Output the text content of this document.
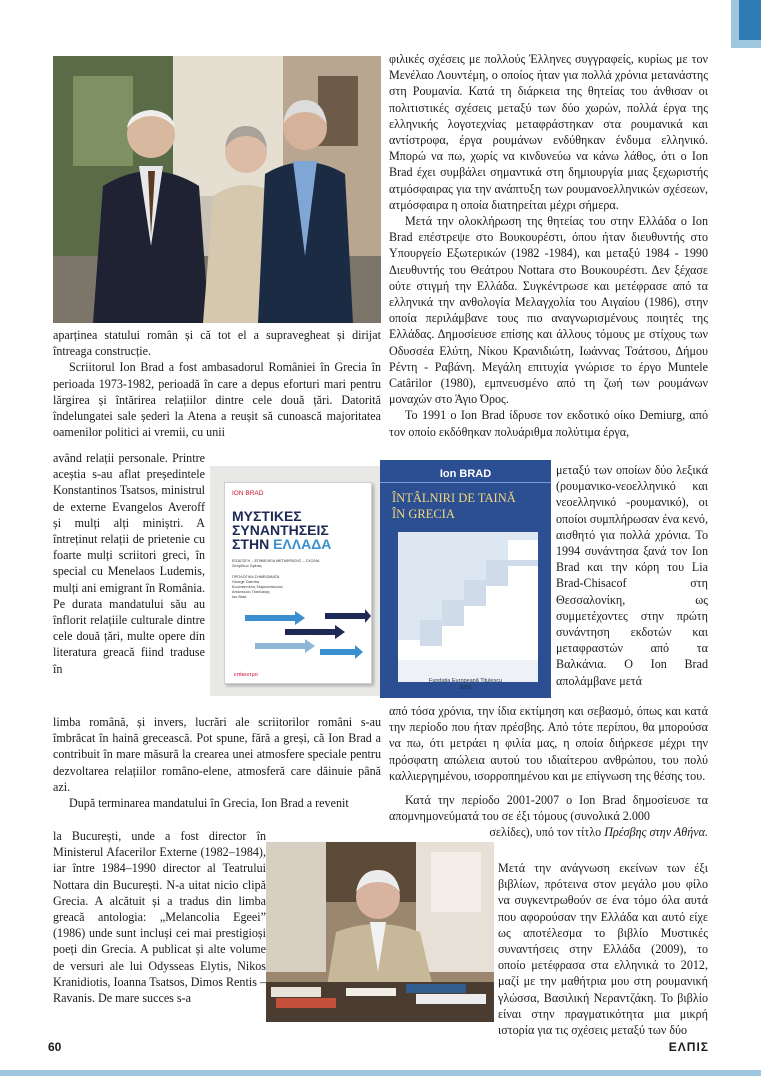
aparținea statului român și că tot el a supravegheat și dirijat întreaga construcție.

Scriitorul Ion Brad a fost ambasadorul României în Grecia în perioada 1973-1982, perioadă în care a depus eforturi mari pentru lărgirea și întărirea relațiilor dintre cele două țări. Datorită îndelungatei sale șederi la Atena a reușit să cunoască majoritatea oamenilor politici ai vremii, cu unii

având relații personale. Printre aceștia s-au aflat președintele Konstantinos Tsatsos, ministrul de externe Evangelos Averoff și mulți alți miniștri. A întreținut relații de prietenie cu foarte mulți scriitori greci, în special cu Menelaos Ludemis, mulți ani emigrant în România. Pe durata mandatului său au înflorit relațiile culturale dintre cele două țări, multe opere din literatura greacă fiind traduse în

limba română, și invers, lucrări ale scriitorilor români s-au îmbrăcat în haină grecească. Pot spune, fără a greși, că Ion Brad a contribuit în mare măsură la crearea unei atmosfere speciale pentru dezvoltarea relațiilor româno-elene, atmosferă care dăinuie până azi.

După terminarea mandatului în Grecia, Ion Brad a revenit

la București, unde a fost director în Ministerul Afacerilor Externe (1982–1984), iar între 1984–1990 director al Teatrului Nottara din București. N-a uitat nicio clipă Grecia. A alcătuit și a tradus din limba greacă antologia: „Melancolia Egeei” (1986) unde sunt incluși cei mai prestigioși poeți din Grecia. A publicat și alte volume de versuri ale lui Odysseas Elytis, Nikos Kranidiotis, Ioanna Tsatsos, Dimos Rentis – Ravanis. De mare succes s-a

ION BRAD
ΜΥΣΤΙΚΕΣ
ΣΥΝΑΝΤΗΣΕΙΣ
ΣΤΗΝ ΕΛΛΑΔΑ
ΕΙΣΑΓΩΓΗ – ΕΠΙΜΕΛΕΙΑ ΜΕΤΑΦΡΑΣΗΣ – ΣΧΟΛΙΑ
Σπυρίδων Σφέτας
ΠΡΟΛΟΓΙΚΑ ΣΗΜΕΙΩΜΑΤΑ
George Ciamba
Κωνσταντίνος Σταρανόπουλος
Απόστολος Πατέλάκης
Ion Brad
επίκεντρο
Ion BRAD
ÎNTÂLNIRI DE TAINĂ
ÎN GRECIA
Fundația Europeană Titulescu
2009

φιλικές σχέσεις με πολλούς Έλληνες συγγραφείς, κυρίως με τον Μενέλαο Λουντέμη, ο οποίος ήταν για πολλά χρόνια μετανάστης στη Ρουμανία. Κατά τη διάρκεια της θητείας του άνθισαν οι πολιτιστικές σχέσεις μεταξύ των δύο χωρών, πολλά έργα της ελληνικής λογοτεχνίας μεταφράστηκαν στα ρουμανικά και αντίστροφα, έργα ρουμάνων ενδύθηκαν ένδυμα ελληνικό. Μπορώ να πω, χωρίς να κινδυνεύω να κάνω λάθος, ότι ο Ion Brad έχει συμβάλει σημαντικά στη δημιουργία μιας ξεχωριστής ατμόσφαιρας για την ανάπτυξη των ρουμανοελληνικών σχέσεων, ατμόσφαιρα η οποία διατηρείται μέχρι σήμερα.

Μετά την ολοκλήρωση της θητείας του στην Ελλάδα ο Ion Brad επέστρεψε στο Βουκουρέστι, όπου ήταν διευθυντής στο Υπουργείο Εξωτερικών (1982 -1984), και μεταξύ 1984 - 1990 Διευθυντής του Θεάτρου Nottara στο Βουκουρέστι. Δεν ξέχασε ούτε στιγμή την Ελλάδα. Συγκέντρωσε και μετέφρασε από τα ελληνικά την ανθολογία Μελαγχολία του Αιγαίου (1986), στην οποία περιλάμβανε τους πιο αναγνωρισμένους ποιητές της Ελλάδας. Δημοσίευσε επίσης και άλλους τόμους με στίχους των Οδυσσέα Ελύτη, Νίκου Κρανιδιώτη, Ιωάννας Τσάτσου, Δήμου Ρέντη - Ραβάνη. Μεγάλη επιτυχία γνώρισε το έργο Muntele Catârilor (1980), εμπνευσμένο από τη ζωή των ρουμάνων μοναχών στο Άγιο Όρος.

Το 1991 ο Ion Brad ίδρυσε τον εκδοτικό οίκο Demiurg, από τον οποίο εκδόθηκαν πολυάριθμα πολύτιμα έργα,

μεταξύ των οποίων δύο λεξικά (ρουμανικο-νεοελληνικό και νεοελληνικό -ρουμανικό), οι οποίοι συμπλήρωσαν ένα κενό, αισθητό για πολλά χρόνια. Το 1994 συνάντησα ξανά τον Ion Brad και την κόρη του Lia Brad-Chisacof στη Θεσσαλονίκη, ως συμμετέχοντες στην πρώτη συνάντηση εκδοτών και μεταφραστών από τα Βαλκάνια. Ο Ion Brad απολάμβανε μετά

από τόσα χρόνια, την ίδια εκτίμηση και σεβασμό, όπως και κατά την περίοδο που ήταν πρέσβης. Από τότε περίπου, θα μπορούσα να πω, ότι μετράει η φιλία μας, η οποία διήρκεσε μέχρι την πρόσφατη απώλεια αυτού του ιδιαίτερου ανθρώπου, του πολύ καλλιεργημένου, ισορροπημένου και με επίγνωση της θέσης του.

Κατά την περίοδο 2001-2007 ο Ion Brad δημοσίευσε τα απομνημονεύματά του σε έξι τόμους (συνολικά 2.000

σελίδες), υπό τον τίτλο Πρέσβης στην Αθήνα.

Μετά την ανάγνωση εκείνων των έξι βιβλίων, πρότεινα στον μεγάλο μου φίλο να συγκεντρωθούν σε ένα τόμο όλα αυτά που αφορούσαν την Ελλάδα και αυτό είχε ως αποτέλεσμα το βιβλίο Μυστικές συναντήσεις στην Ελλάδα (2009), το οποίο μετέφρασα στα ελληνικά το 2012, μαζί με την μαθήτρια μου στη ρουμανική γλώσσα, Βασιλική Νεραντζάκη. Το βιβλίο είναι στην πραγματικότητα μια μικρή ιστορία για τις σχέσεις μεταξύ των δύο

60	ΕΛΠΙΣ
